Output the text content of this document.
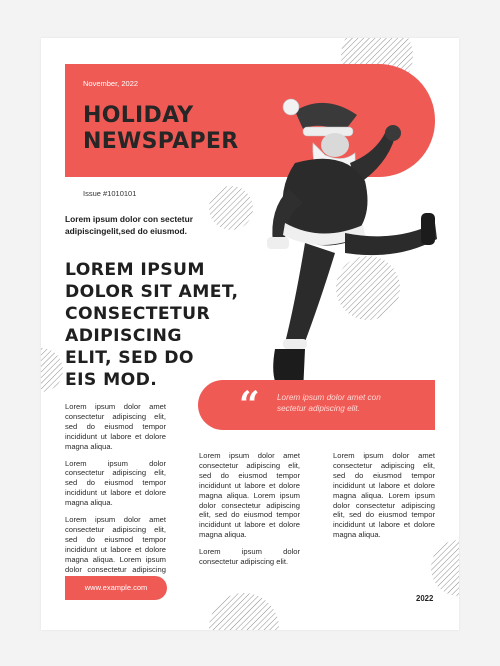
November, 2022
HOLIDAY
NEWSPAPER
Issue #1010101
Lorem ipsum dolor con sectetur adipiscingelit,sed do eiusmod.
LOREM IPSUM
DOLOR SIT AMET,
CONSECTETUR
ADIPISCING
ELIT, SED DO
EIS MOD.
“ Lorem ipsum dolor amet con sectetur adipiscing elit.

Lorem ipsum dolor amet consectetur adipiscing elit, sed do eiusmod tempor incididunt ut labore et dolore magna aliqua.

Lorem ipsum dolor consectetur adipiscing elit, sed do eiusmod tempor incididunt ut labore et dolore magna aliqua.

Lorem ipsum dolor amet consectetur adipiscing elit, sed do eiusmod tempor incididunt ut labore et dolore magna aliqua. Lorem ipsum dolor consectetur adipiscing

Lorem ipsum dolor amet consectetur adipiscing elit, sed do eiusmod tempor incididunt ut labore et dolore magna aliqua. Lorem ipsum dolor consectetur adipiscing elit, sed do eiusmod tempor incididunt ut labore et dolore magna aliqua.

Lorem ipsum dolor consectetur adipiscing elit.

Lorem ipsum dolor amet consectetur adipiscing elit, sed do eiusmod tempor incididunt ut labore et dolore magna aliqua. Lorem ipsum dolor consectetur adipiscing elit, sed do eiusmod tempor incididunt ut labore et dolore magna aliqua.

www.example.com
2022
